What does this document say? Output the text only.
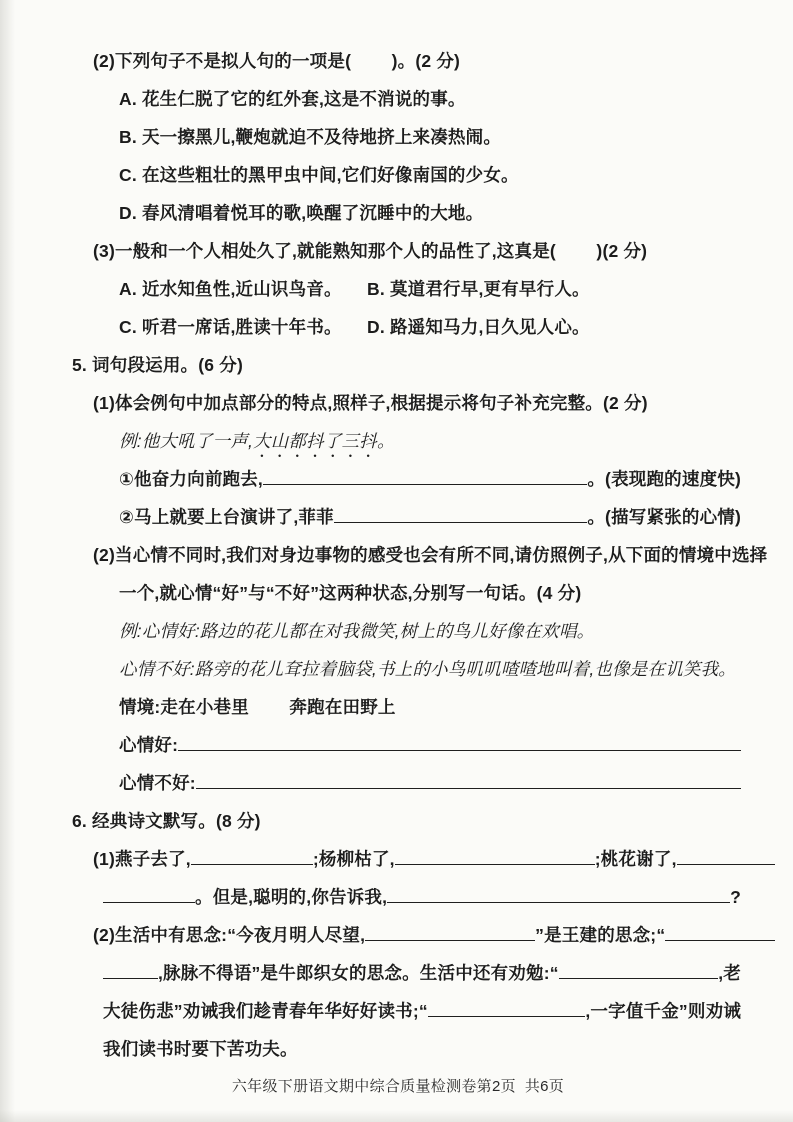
(2)下列句子不是拟人句的一项是(        )。(2 分)
A. 花生仁脱了它的红外套,这是不消说的事。
B. 天一擦黑儿,鞭炮就迫不及待地挤上来凑热闹。
C. 在这些粗壮的黑甲虫中间,它们好像南国的少女。
D. 春风清唱着悦耳的歌,唤醒了沉睡中的大地。
(3)一般和一个人相处久了,就能熟知那个人的品性了,这真是(        )(2 分)
A. 近水知鱼性,近山识鸟音。	B. 莫道君行早,更有早行人。
C. 听君一席话,胜读十年书。	D. 路遥知马力,日久见人心。
5. 词句段运用。(6 分)
(1)体会例句中加点部分的特点,照样子,根据提示将句子补充完整。(2 分)
例:他大吼了一声, 大山都抖了三抖 。
①他奋力向前跑去,	。(表现跑的速度快)
②马上就要上台演讲了,菲菲	。(描写紧张的心情)
(2)当心情不同时,我们对身边事物的感受也会有所不同,请仿照例子,从下面的情境中选择
一个,就心情“好”与“不好”这两种状态,分别写一句话。(4 分)
例:心情好:路边的花儿都在对我微笑,树上的鸟儿好像在欢唱。
心情不好:路旁的花儿耷拉着脑袋,书上的小鸟叽叽喳喳地叫着,也像是在讥笑我。
情境:走在小巷里        奔跑在田野上
心情好:
心情不好:
6. 经典诗文默写。(8 分)
(1)燕子去了,	;杨柳枯了,	;桃花谢了,
。但是,聪明的,你告诉我,	?
(2)生活中有思念:“今夜月明人尽望,	”是王建的思念;“
,脉脉不得语”是牛郎织女的思念。生活中还有劝勉:“	,老
大徒伤悲”劝诫我们趁青春年华好好读书;“	,一字值千金”则劝诫
我们读书时要下苦功夫。
六年级下册语文期中综合质量检测卷第2页  共6页
